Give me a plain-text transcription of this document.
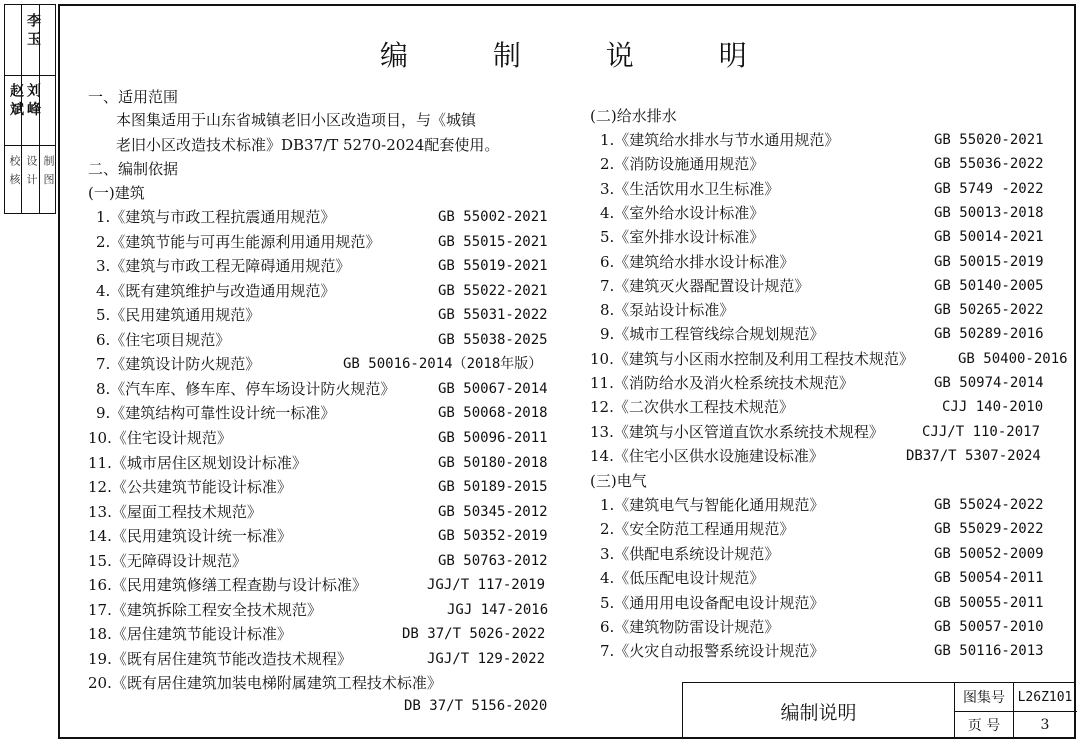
校 核 设 计 制 图
李 玉
赵 斌 刘 峰
编 制 说 明
一、适用范围
本图集适用于山东省城镇老旧小区改造项目，与《城镇
老旧小区改造技术标准》DB37/T 5270-2024配套使用。
二、编制依据
(一)建筑
1.《建筑与市政工程抗震通用规范》	GB 55002-2021
2.《建筑节能与可再生能源利用通用规范》	GB 55015-2021
3.《建筑与市政工程无障碍通用规范》	GB 55019-2021
4.《既有建筑维护与改造通用规范》	GB 55022-2021
5.《民用建筑通用规范》	GB 55031-2022
6.《住宅项目规范》	GB 55038-2025
7.《建筑设计防火规范》	GB 50016-2014（2018年版）
8.《汽车库、修车库、停车场设计防火规范》	GB 50067-2014
9.《建筑结构可靠性设计统一标准》	GB 50068-2018
10.《住宅设计规范》	GB 50096-2011
11.《城市居住区规划设计标准》	GB 50180-2018
12.《公共建筑节能设计标准》	GB 50189-2015
13.《屋面工程技术规范》	GB 50345-2012
14.《民用建筑设计统一标准》	GB 50352-2019
15.《无障碍设计规范》	GB 50763-2012
16.《民用建筑修缮工程查勘与设计标准》	JGJ/T 117-2019
17.《建筑拆除工程安全技术规范》	JGJ 147-2016
18.《居住建筑节能设计标准》	DB 37/T 5026-2022
19.《既有居住建筑节能改造技术规程》	JGJ/T 129-2022
20.《既有居住建筑加装电梯附属建筑工程技术标准》
DB 37/T 5156-2020
(二)给水排水
1.《建筑给水排水与节水通用规范》	GB 55020-2021
2.《消防设施通用规范》	GB 55036-2022
3.《生活饮用水卫生标准》	GB 5749 -2022
4.《室外给水设计标准》	GB 50013-2018
5.《室外排水设计标准》	GB 50014-2021
6.《建筑给水排水设计标准》	GB 50015-2019
7.《建筑灭火器配置设计规范》	GB 50140-2005
8.《泵站设计标准》	GB 50265-2022
9.《城市工程管线综合规划规范》	GB 50289-2016
10.《建筑与小区雨水控制及利用工程技术规范》	GB 50400-2016
11.《消防给水及消火栓系统技术规范》	GB 50974-2014
12.《二次供水工程技术规范》	CJJ 140-2010
13.《建筑与小区管道直饮水系统技术规程》	CJJ/T 110-2017
14.《住宅小区供水设施建设标准》	DB37/T 5307-2024
(三)电气
1.《建筑电气与智能化通用规范》	GB 55024-2022
2.《安全防范工程通用规范》	GB 55029-2022
3.《供配电系统设计规范》	GB 50052-2009
4.《低压配电设计规范》	GB 50054-2011
5.《通用用电设备配电设计规范》	GB 50055-2011
6.《建筑物防雷设计规范》	GB 50057-2010
7.《火灾自动报警系统设计规范》	GB 50116-2013
编制说明
图集号 L26Z101
页 号	3
